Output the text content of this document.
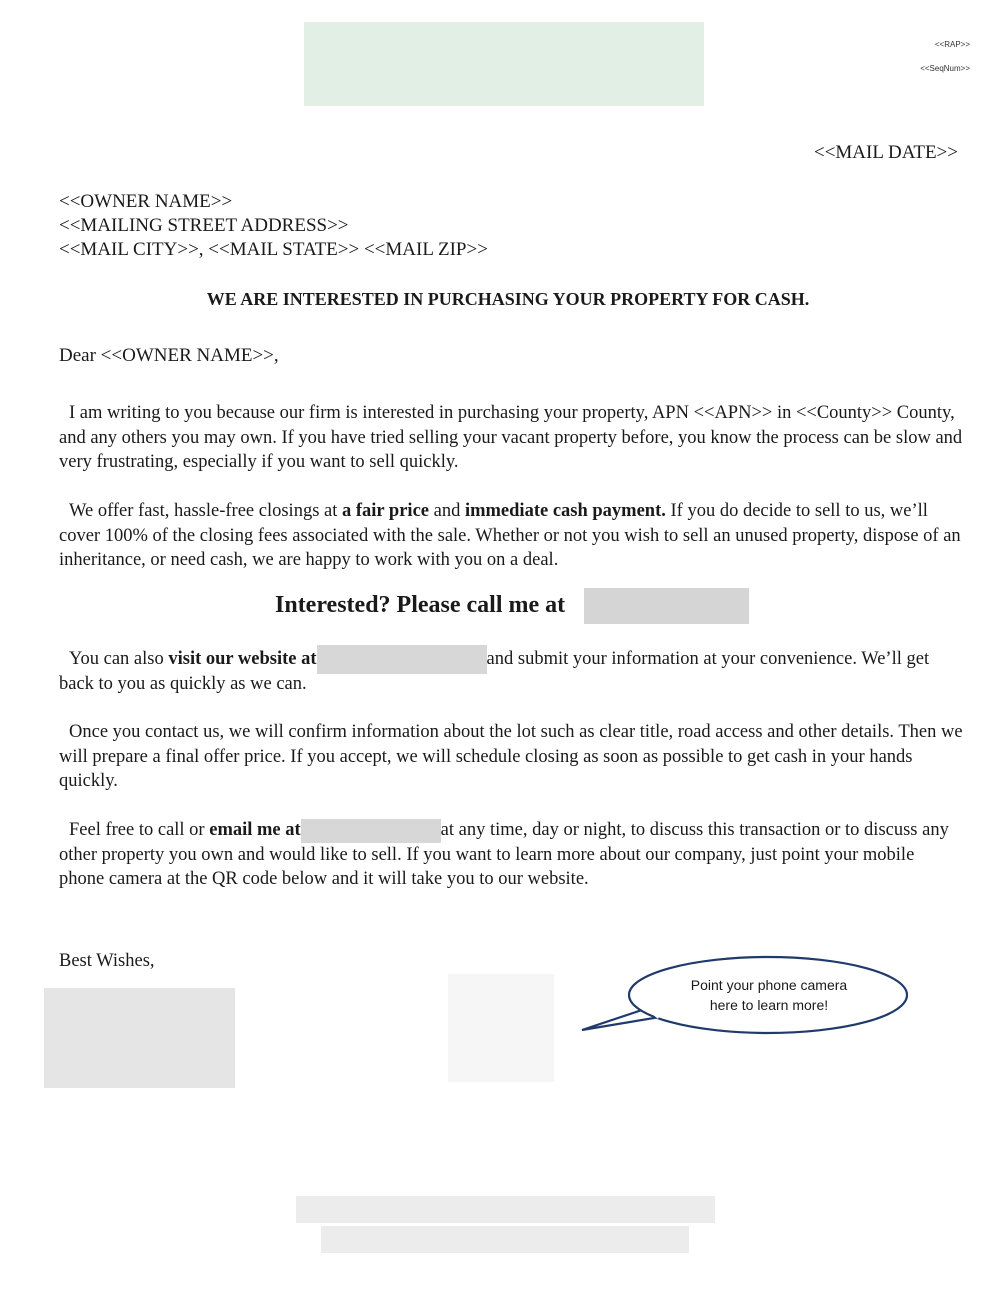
<<RAP>>
<<SeqNum>>
<<MAIL DATE>>
<<OWNER NAME>>
<<MAILING STREET ADDRESS>>
<<MAIL CITY>>, <<MAIL STATE>> <<MAIL ZIP>>
WE ARE INTERESTED IN PURCHASING YOUR PROPERTY FOR CASH.
Dear <<OWNER NAME>>,
I am writing to you because our firm is interested in purchasing your property, APN <<APN>> in <<County>> County, and any others you may own. If you have tried selling your vacant property before, you know the process can be slow and very frustrating, especially if you want to sell quickly.
We offer fast, hassle-free closings at a fair price and immediate cash payment. If you do decide to sell to us, we’ll cover 100% of the closing fees associated with the sale. Whether or not you wish to sell an unused property, dispose of an inheritance, or need cash, we are happy to work with you on a deal.
Interested? Please call me at
You can also visit our website at	and submit your information at your convenience. We’ll get back to you as quickly as we can.
Once you contact us, we will confirm information about the lot such as clear title, road access and other details. Then we will prepare a final offer price. If you accept, we will schedule closing as soon as possible to get cash in your hands quickly.
Feel free to call or email me at	at any time, day or night, to discuss this transaction or to discuss any other property you own and would like to sell. If you want to learn more about our company, just point your mobile phone camera at the QR code below and it will take you to our website.
Best Wishes,
Point your phone camera
here to learn more!
